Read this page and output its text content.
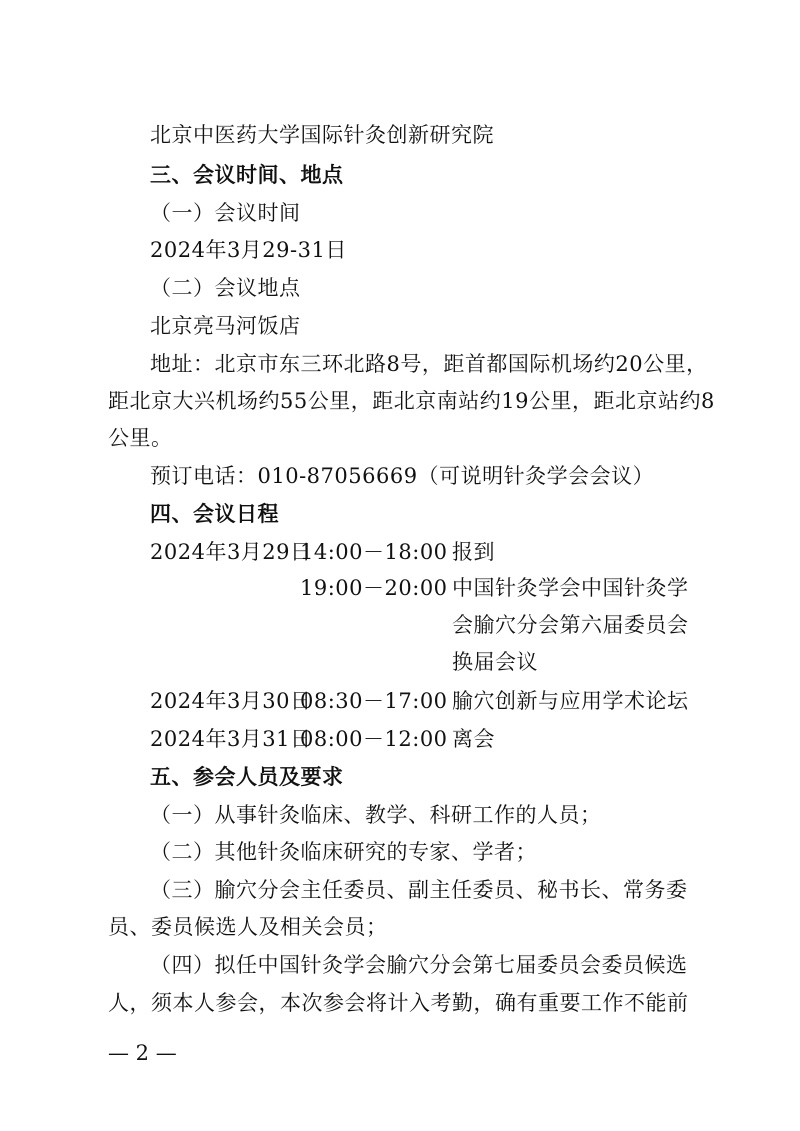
北京中医药大学国际针灸创新研究院
三、会议时间、地点
（一）会议时间
2024年3月29-31日
（二）会议地点
北京亮马河饭店
地址：北京市东三环北路8号，距首都国际机场约20公里，
距北京大兴机场约55公里，距北京南站约19公里，距北京站约8
公里。
预订电话：010-87056669（可说明针灸学会会议）
四、会议日程
2024年3月29日
14:00－18:00 报到
19:00－20:00 中国针灸学会中国针灸学
会腧穴分会第六届委员会
换届会议
2024年3月30日
08:30－17:00 腧穴创新与应用学术论坛
2024年3月31日
08:00－12:00 离会
五、参会人员及要求
（一）从事针灸临床、教学、科研工作的人员；
（二）其他针灸临床研究的专家、学者；
（三）腧穴分会主任委员、副主任委员、秘书长、常务委
员、委员候选人及相关会员；
（四）拟任中国针灸学会腧穴分会第七届委员会委员候选
人，须本人参会，本次参会将计入考勤，确有重要工作不能前
— 2 —
